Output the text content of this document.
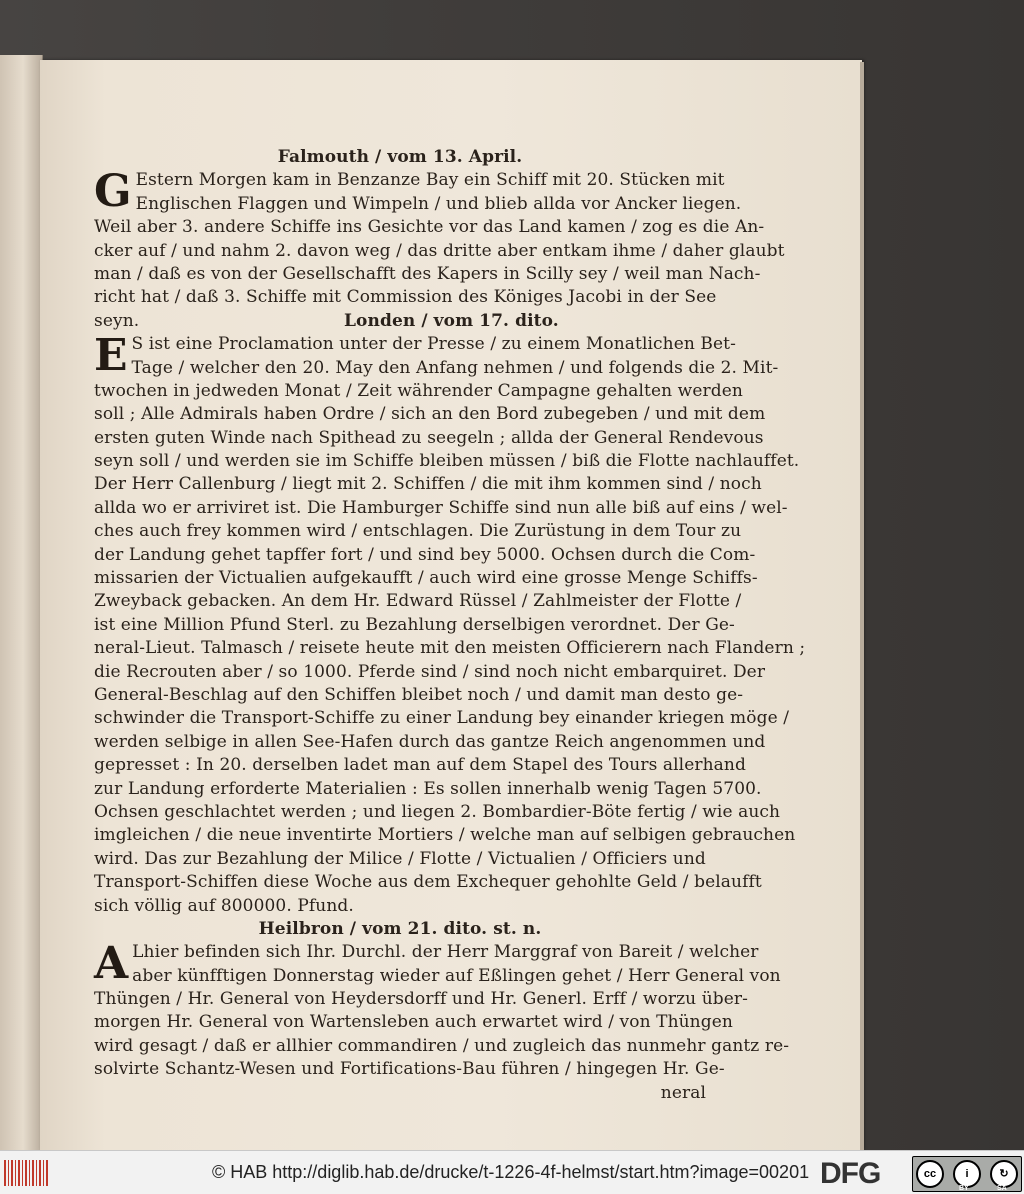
Falmouth / vom 13. April.
G Estern Morgen kam in Benzanze Bay ein Schiff mit 20. Stücken mit
Englischen Flaggen und Wimpeln / und blieb allda vor Ancker liegen.
Weil aber 3. andere Schiffe ins Gesichte vor das Land kamen / zog es die An-
cker auf / und nahm 2. davon weg / das dritte aber entkam ihme / daher glaubt
man / daß es von der Gesellschafft des Kapers in Scilly sey / weil man Nach-
richt hat / daß 3. Schiffe mit Commission des Königes Jacobi in der See
seyn.	Londen / vom 17. dito.
E S ist eine Proclamation unter der Presse / zu einem Monatlichen Bet-
Tage / welcher den 20. May den Anfang nehmen / und folgends die 2. Mit-
twochen in jedweden Monat / Zeit währender Campagne gehalten werden
soll ; Alle Admirals haben Ordre / sich an den Bord zubegeben / und mit dem
ersten guten Winde nach Spithead zu seegeln ; allda der General Rendevous
seyn soll / und werden sie im Schiffe bleiben müssen / biß die Flotte nachlauffet.
Der Herr Callenburg / liegt mit 2. Schiffen / die mit ihm kommen sind / noch
allda wo er arriviret ist. Die Hamburger Schiffe sind nun alle biß auf eins / wel-
ches auch frey kommen wird / entschlagen. Die Zurüstung in dem Tour zu
der Landung gehet tapffer fort / und sind bey 5000. Ochsen durch die Com-
missarien der Victualien aufgekaufft / auch wird eine grosse Menge Schiffs-
Zweyback gebacken. An dem Hr. Edward Rüssel / Zahlmeister der Flotte /
ist eine Million Pfund Sterl. zu Bezahlung derselbigen verordnet. Der Ge-
neral-Lieut. Talmasch / reisete heute mit den meisten Officierern nach Flandern ;
die Recrouten aber / so 1000. Pferde sind / sind noch nicht embarquiret. Der
General-Beschlag auf den Schiffen bleibet noch / und damit man desto ge-
schwinder die Transport-Schiffe zu einer Landung bey einander kriegen möge /
werden selbige in allen See-Hafen durch das gantze Reich angenommen und
gepresset : In 20. derselben ladet man auf dem Stapel des Tours allerhand
zur Landung erforderte Materialien : Es sollen innerhalb wenig Tagen 5700.
Ochsen geschlachtet werden ; und liegen 2. Bombardier-Böte fertig / wie auch
imgleichen / die neue inventirte Mortiers / welche man auf selbigen gebrauchen
wird. Das zur Bezahlung der Milice / Flotte / Victualien / Officiers und
Transport-Schiffen diese Woche aus dem Exchequer gehohlte Geld / belaufft
sich völlig auf 800000. Pfund.
Heilbron / vom 21. dito. st. n.
A Lhier befinden sich Ihr. Durchl. der Herr Marggraf von Bareit / welcher
aber künfftigen Donnerstag wieder auf Eßlingen gehet / Herr General von
Thüngen / Hr. General von Heydersdorff und Hr. Generl. Erff / worzu über-
morgen Hr. General von Wartensleben auch erwartet wird / von Thüngen
wird gesagt / daß er allhier commandiren / und zugleich das nunmehr gantz re-
solvirte Schantz-Wesen und Fortifications-Bau führen / hingegen Hr. Ge-
neral
© HAB http://diglib.hab.de/drucke/t-1226-4f-helmst/start.htm?image=00201 DFG	cc	i	↻
BY	SA
